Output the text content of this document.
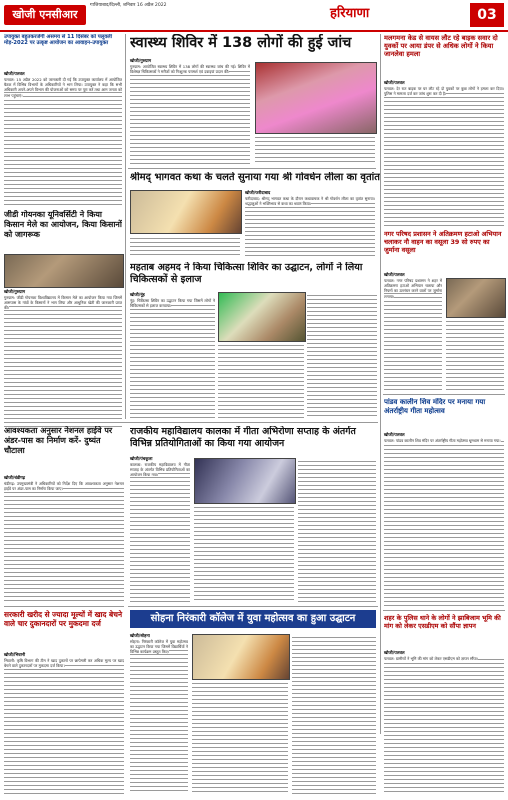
खोजी एनसीआर
गाजियाबाद/दिल्ली, शनिवार 16 अप्रैल 2022
हरियाणा	03
उपायुक्त बहुतकरजेगी असमय से 11 दिसंबर को पलूवली मोड़-2022 पर उत्कृष्ट आयोजन का आवाहन-उपायुक्त
खोजी/पलवल
पलवल: 15 अप्रैल 2022 को जानकारी दी गई कि उपायुक्त कार्यालय में आयोजित बैठक में विभिन्न विभागों के अधिकारियों ने भाग लिया। उपायुक्त ने कहा कि सभी अधिकारी अपने-अपने विभाग की योजनाओं को समय पर पूरा करें तथा आम जनता को लाभ पहुंचाएं।
जीडी गोयनका यूनिवर्सिटी ने किया किसान मेले का आयोजन, किया किसानों को जागरूक
खोजी/गुरुग्राम
गुरुग्राम: जीडी गोयनका विश्वविद्यालय में किसान मेले का आयोजन किया गया जिसमें आसपास के गांवों के किसानों ने भाग लिया और आधुनिक खेती की जानकारी प्राप्त की।
स्वास्थ्य शिविर में 138 लोगों की हुई जांच
खोजी/गुरुग्राम
गुरुग्राम: आयोजित स्वास्थ्य शिविर में 138 लोगों की स्वास्थ्य जांच की गई। शिविर में विशेषज्ञ चिकित्सकों ने मरीजों को निःशुल्क परामर्श एवं दवाइयां प्रदान कीं।
मलगमना केड से वायस लौट रहे बाइक सवार दो युवकों पर आया डंपर से अधिक लोगों ने किया जानलेवा हमला
खोजी/पलवल
पलवल: देर रात बाइक पर घर लौट रहे दो युवकों पर कुछ लोगों ने हमला कर दिया। पुलिस ने मामला दर्ज कर जांच शुरू कर दी है।
श्रीमद् भागवत कथा के चलते सुनाया गया श्री गोवर्धन लीला का वृतांत
खोजी/फरीदाबाद
फरीदाबाद: श्रीमद् भागवत कथा के दौरान कथावाचक ने श्री गोवर्धन लीला का वृतांत सुनाया। श्रद्धालुओं ने भक्तिभाव से कथा का श्रवण किया।
महताब अहमद ने किया चिकित्सा शिविर का उद्घाटन, लोगों ने लिया चिकित्सकों से इलाज
खोजी/नूंह
नूंह: चिकित्सा शिविर का उद्घाटन किया गया जिसमें लोगों ने चिकित्सकों से इलाज करवाया।
नगर परिषद प्रशासन ने अतिक्रमण हटाओ अभियान चलाकर नौ वाहन का वसूला 39 सो रुपए का जुर्माना वसूला
खोजी/पलवल
पलवल: नगर परिषद प्रशासन ने शहर में अतिक्रमण हटाओ अभियान चलाया और नियमों का उल्लंघन करने वालों पर जुर्माना लगाया।
राजकीय महाविद्यालय कालका में गीता अभिरोणा सप्ताह के अंतर्गत विभिन्न प्रतियोगिताओं का किया गया आयोजन
खोजी/पंचकूला
कालका: राजकीय महाविद्यालय में गीता सप्ताह के अंतर्गत विभिन्न प्रतियोगिताओं का आयोजन किया गया।
आवश्यकता अनुसार नेशनल हाईवे पर अंडर-पास का निर्माण करें- दुष्यंत चौटाला
खोजी/चंडीगढ़
चंडीगढ़: उपमुख्यमंत्री ने अधिकारियों को निर्देश दिए कि आवश्यकता अनुसार नेशनल हाईवे पर अंडर-पास का निर्माण किया जाए।
पांडव कालीन शिव मंदिर पर मनाया गया अंतर्राष्ट्रीय गीता महोत्सव
खोजी/पलवल
पलवल: पांडव कालीन शिव मंदिर पर अंतर्राष्ट्रीय गीता महोत्सव धूमधाम से मनाया गया।
सरकारी खरीद से ज्यादा मूल्यों में खाद बेचने वाले चार दुकानदारों पर मुकदमा दर्ज
खोजी/भिवानी
भिवानी: कृषि विभाग की टीम ने खाद दुकानों पर छापेमारी कर अधिक मूल्य पर खाद बेचने वाले दुकानदारों पर मुकदमा दर्ज किया।
सोहना निरंकारी कॉलेज में युवा महोत्सव का हुआ उद्घाटन
खोजी/सोहना
सोहना: निरंकारी कॉलेज में युवा महोत्सव का उद्घाटन किया गया जिसमें विद्यार्थियों ने विभिन्न कार्यक्रम प्रस्तुत किए।
शहर के पुलिस थाने के लोगों ने झाबिजाम भूमि की मांग को लेकर एसडीएम को सौंपा ज्ञापन
खोजी/पलवल
पलवल: ग्रामीणों ने भूमि की मांग को लेकर एसडीएम को ज्ञापन सौंपा।
